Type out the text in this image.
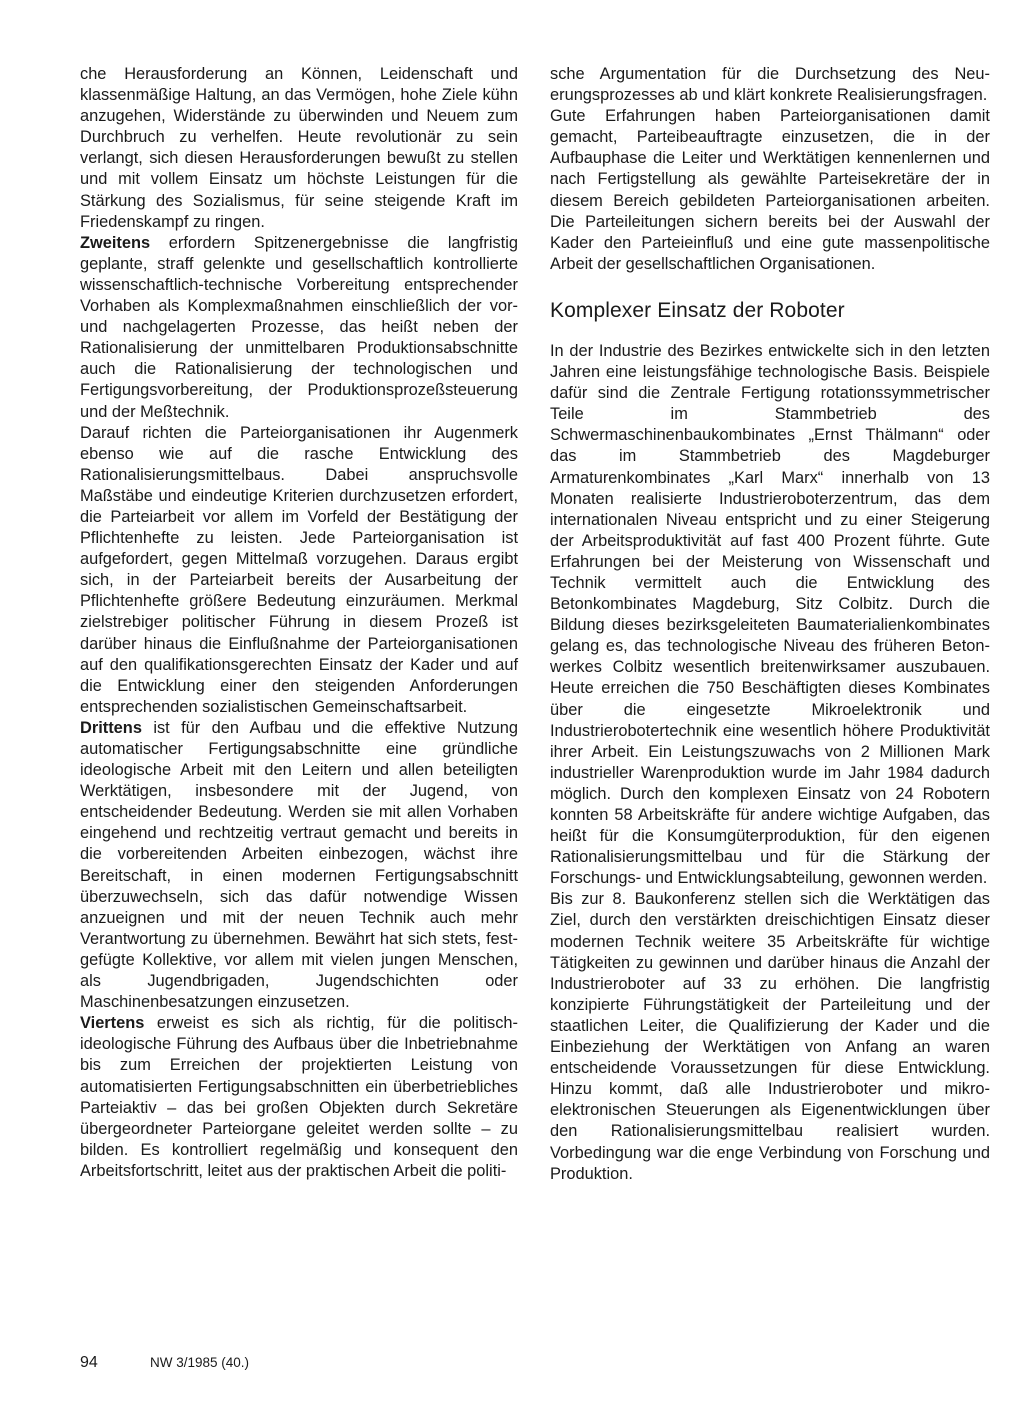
che Herausforderung an Können, Leidenschaft und klassenmäßige Haltung, an das Vermögen, hohe Ziele kühn anzugehen, Widerstände zu überwinden und Neuem zum Durchbruch zu verhelfen. Heute revolutionär zu sein verlangt, sich diesen Herausforderungen bewußt zu stellen und mit vollem Einsatz um höchste Leistungen für die Stärkung des Sozialismus, für seine steigende Kraft im Friedenskampf zu ringen.

Zweitens erfordern Spitzenergebnisse die langfristig geplante, straff gelenkte und gesellschaftlich kontrollierte wissenschaftlich-technische Vorbereitung entsprechender Vorhaben als Komplexmaßnahmen einschließlich der vor- und nachgelagerten Prozesse, das heißt neben der Rationalisierung der unmittelbaren Produktionsabschnitte auch die Rationalisierung der technologischen und Fertigungsvorbereitung, der Produktionsprozeßsteuerung und der Meßtechnik.

Darauf richten die Parteiorganisationen ihr Augenmerk ebenso wie auf die rasche Entwicklung des Rationalisierungsmittelbaus. Dabei anspruchsvolle Maßstäbe und eindeutige Kriterien durchzusetzen erfordert, die Parteiarbeit vor allem im Vorfeld der Bestätigung der Pflichtenhefte zu leisten. Jede Parteiorganisation ist aufgefordert, gegen Mittelmaß vorzugehen. Daraus ergibt sich, in der Parteiarbeit bereits der Ausarbeitung der Pflichtenhefte größere Bedeutung einzuräumen. Merkmal zielstrebiger politischer Führung in diesem Prozeß ist darüber hinaus die Einflußnahme der Parteiorganisationen auf den qualifikationsgerechten Einsatz der Kader und auf die Entwicklung einer den steigenden Anforderungen entsprechenden sozialistischen Gemeinschaftsarbeit.

Drittens ist für den Aufbau und die effektive Nutzung automatischer Fertigungsabschnitte eine gründliche ideologische Arbeit mit den Leitern und allen beteiligten Werktätigen, insbesondere mit der Jugend, von entscheidender Bedeutung. Werden sie mit allen Vorhaben eingehend und rechtzeitig vertraut gemacht und bereits in die vorbereitenden Arbeiten einbezogen, wächst ihre Bereitschaft, in einen modernen Fertigungsabschnitt überzuwechseln, sich das dafür notwendige Wissen anzueignen und mit der neuen Technik auch mehr Verantwortung zu übernehmen. Bewährt hat sich stets, festgefügte Kollektive, vor allem mit vielen jungen Menschen, als Jugendbrigaden, Jugendschichten oder Maschinenbesatzungen einzusetzen.

Viertens erweist es sich als richtig, für die politisch-ideologische Führung des Aufbaus über die Inbetriebnahme bis zum Erreichen der projektierten Leistung von automatisierten Fertigungsabschnitten ein überbetriebliches Parteiaktiv – das bei großen Objekten durch Sekretäre übergeordneter Parteiorgane geleitet werden sollte – zu bilden. Es kontrolliert regelmäßig und konsequent den Arbeitsfortschritt, leitet aus der praktischen Arbeit die politi-

sche Argumentation für die Durchsetzung des Neuerungsprozesses ab und klärt konkrete Realisierungsfragen.

Gute Erfahrungen haben Parteiorganisationen damit gemacht, Parteibeauftragte einzusetzen, die in der Aufbauphase die Leiter und Werktätigen kennenlernen und nach Fertigstellung als gewählte Parteisekretäre der in diesem Bereich gebildeten Parteiorganisationen arbeiten. Die Parteileitungen sichern bereits bei der Auswahl der Kader den Parteieinfluß und eine gute massenpolitische Arbeit der gesellschaftlichen Organisationen.

Komplexer Einsatz der Roboter

In der Industrie des Bezirkes entwickelte sich in den letzten Jahren eine leistungsfähige technologische Basis. Beispiele dafür sind die Zentrale Fertigung rotationssymmetrischer Teile im Stammbetrieb des Schwermaschinenbaukombinates „Ernst Thälmann“ oder das im Stammbetrieb des Magdeburger Armaturenkombinates „Karl Marx“ innerhalb von 13 Monaten realisierte Industrieroboterzentrum, das dem internationalen Niveau entspricht und zu einer Steigerung der Arbeitsproduktivität auf fast 400 Prozent führte. Gute Erfahrungen bei der Meisterung von Wissenschaft und Technik vermittelt auch die Entwicklung des Betonkombinates Magdeburg, Sitz Colbitz. Durch die Bildung dieses bezirksgeleiteten Baumaterialienkombinates gelang es, das technologische Niveau des früheren Betonwerkes Colbitz wesentlich breitenwirksamer auszubauen. Heute erreichen die 750 Beschäftigten dieses Kombinates über die eingesetzte Mikroelektronik und Industrierobotertechnik eine wesentlich höhere Produktivität ihrer Arbeit. Ein Leistungszuwachs von 2 Millionen Mark industrieller Warenproduktion wurde im Jahr 1984 dadurch möglich. Durch den komplexen Einsatz von 24 Robotern konnten 58 Arbeitskräfte für andere wichtige Aufgaben, das heißt für die Konsumgüterproduktion, für den eigenen Rationalisierungsmittelbau und für die Stärkung der Forschungs- und Entwicklungsabteilung, gewonnen werden.

Bis zur 8. Baukonferenz stellen sich die Werktätigen das Ziel, durch den verstärkten dreischichtigen Einsatz dieser modernen Technik weitere 35 Arbeitskräfte für wichtige Tätigkeiten zu gewinnen und darüber hinaus die Anzahl der Industrieroboter auf 33 zu erhöhen. Die langfristig konzipierte Führungstätigkeit der Parteileitung und der staatlichen Leiter, die Qualifizierung der Kader und die Einbeziehung der Werktätigen von Anfang an waren entscheidende Voraussetzungen für diese Entwicklung. Hinzu kommt, daß alle Industrieroboter und mikroelektronischen Steuerungen als Eigenentwicklungen über den Rationalisierungsmittelbau realisiert wurden. Vorbedingung war die enge Verbindung von Forschung und Produktion.

94	NW 3/1985 (40.)
